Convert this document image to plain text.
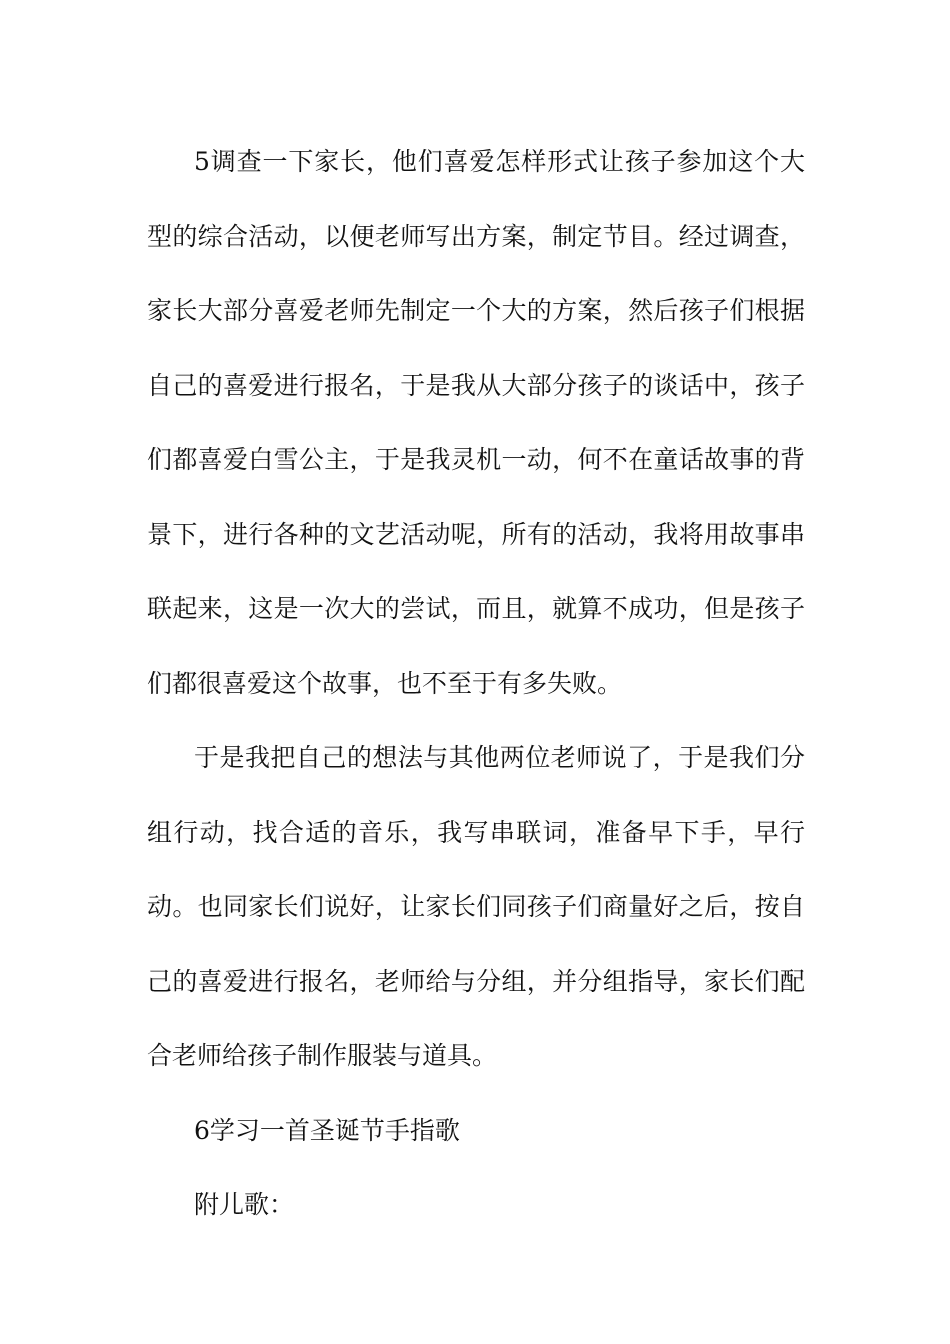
5调查一下家长，他们喜爱怎样形式让孩子参加这个大型的综合活动，以便老师写出方案，制定节目。经过调查，家长大部分喜爱老师先制定一个大的方案，然后孩子们根据自己的喜爱进行报名，于是我从大部分孩子的谈话中，孩子们都喜爱白雪公主，于是我灵机一动，何不在童话故事的背景下，进行各种的文艺活动呢，所有的活动，我将用故事串联起来，这是一次大的尝试，而且，就算不成功，但是孩子们都很喜爱这个故事，也不至于有多失败。

于是我把自己的想法与其他两位老师说了，于是我们分组行动，找合适的音乐，我写串联词，准备早下手，早行动。也同家长们说好，让家长们同孩子们商量好之后，按自己的喜爱进行报名，老师给与分组，并分组指导，家长们配合老师给孩子制作服装与道具。

6学习一首圣诞节手指歌

附儿歌：
